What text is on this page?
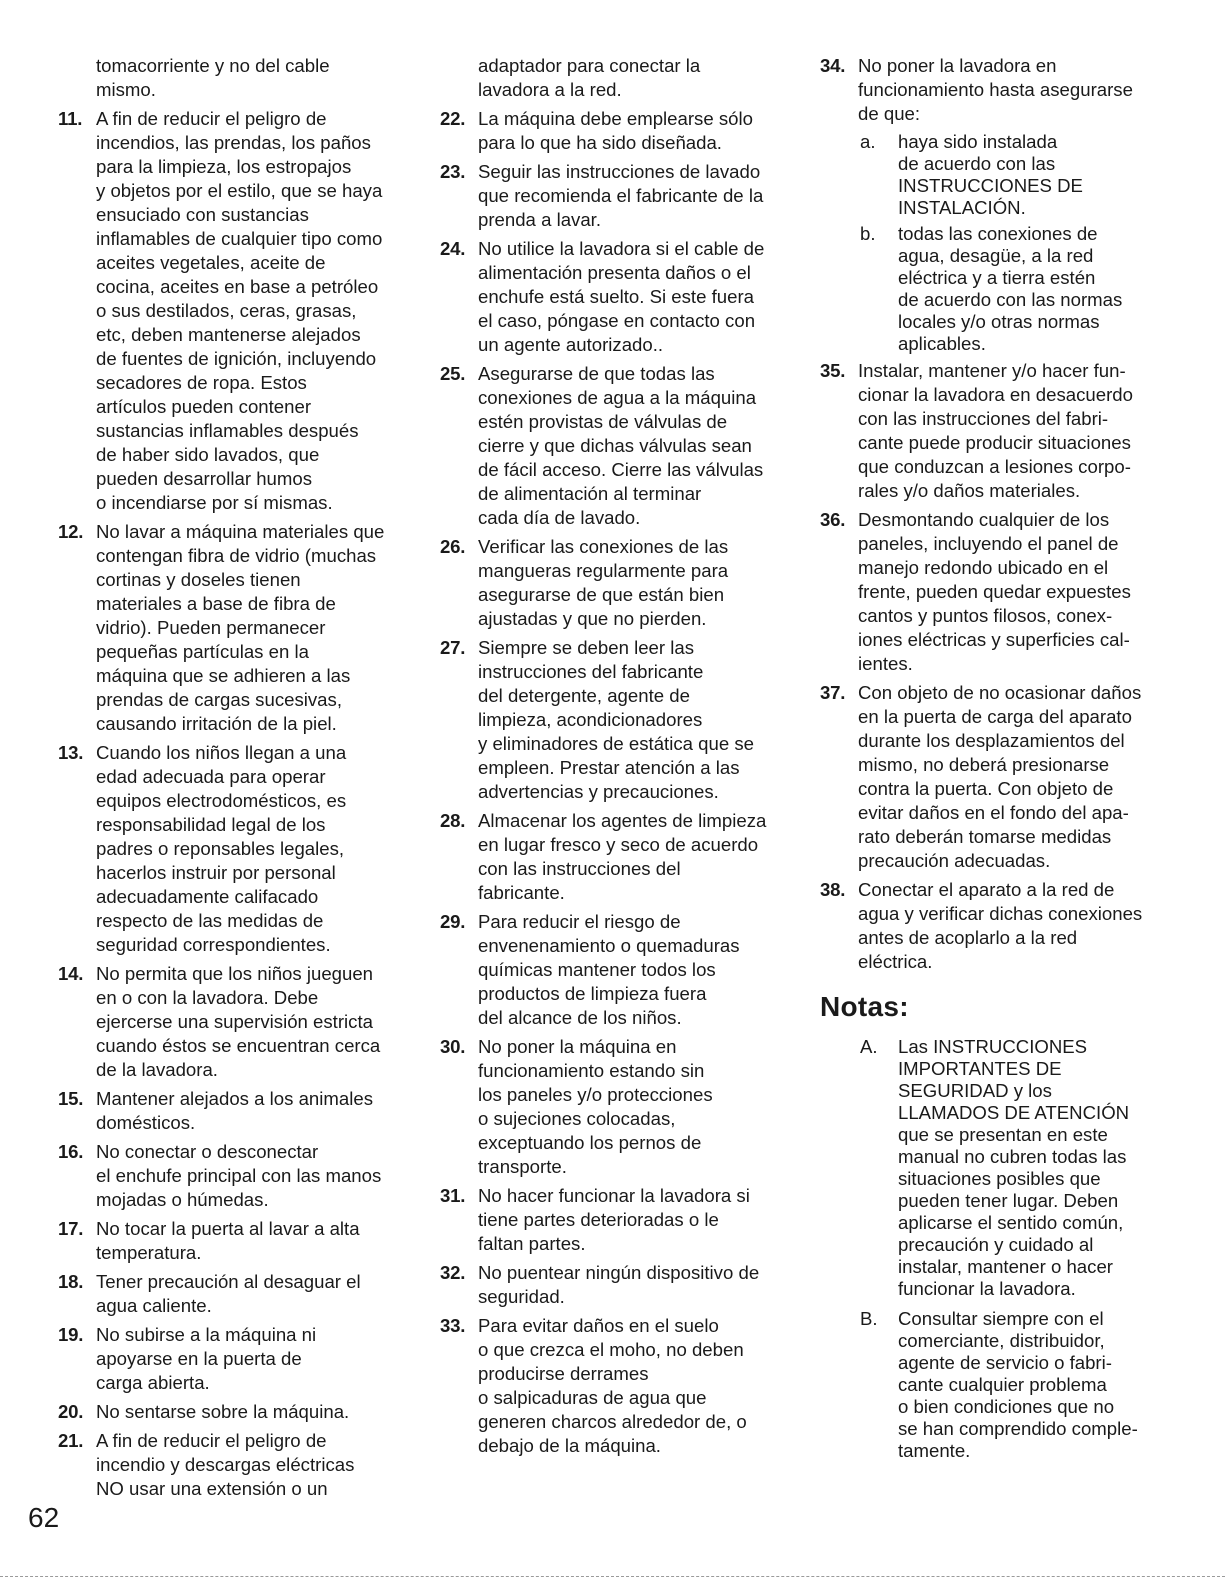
tomacorriente y no del cable
mismo.
11. A fin de reducir el peligro de
incendios, las prendas, los paños
para la limpieza, los estropajos
y objetos por el estilo, que se haya
ensuciado con sustancias
inflamables de cualquier tipo como
aceites vegetales, aceite de
cocina, aceites en base a petróleo
o sus destilados, ceras, grasas,
etc, deben mantenerse alejados
de fuentes de ignición, incluyendo
secadores de ropa. Estos
artículos pueden contener
sustancias inflamables después
de haber sido lavados, que
pueden desarrollar humos
o incendiarse por sí mismas.
12. No lavar a máquina materiales que
contengan fibra de vidrio (muchas
cortinas y doseles tienen
materiales a base de fibra de
vidrio). Pueden permanecer
pequeñas partículas en la
máquina que se adhieren a las
prendas de cargas sucesivas,
causando irritación de la piel.
13. Cuando los niños llegan a una
edad adecuada para operar
equipos electrodomésticos, es
responsabilidad legal de los
padres o reponsables legales,
hacerlos instruir por personal
adecuadamente califacado
respecto de las medidas de
seguridad correspondientes.
14. No permita que los niños jueguen
en o con la lavadora. Debe
ejercerse una supervisión estricta
cuando éstos se encuentran cerca
de la lavadora.
15. Mantener alejados a los animales
domésticos.
16. No conectar o desconectar
el enchufe principal con las manos
mojadas o húmedas.
17. No tocar la puerta al lavar a alta
temperatura.
18. Tener precaución al desaguar el
agua caliente.
19. No subirse a la máquina ni
apoyarse en la puerta de
carga abierta.
20. No sentarse sobre la máquina.
21. A fin de reducir el peligro de
incendio y descargas eléctricas
NO usar una extensión o un
adaptador para conectar la
lavadora a la red.
22. La máquina debe emplearse sólo
para lo que ha sido diseñada.
23. Seguir las instrucciones de lavado
que recomienda el fabricante de la
prenda a lavar.
24. No utilice la lavadora si el cable de
alimentación presenta daños o el
enchufe está suelto. Si este fuera
el caso, póngase en contacto con
un agente autorizado..
25. Asegurarse de que todas las
conexiones de agua a la máquina
estén provistas de válvulas de
cierre y que dichas válvulas sean
de fácil acceso. Cierre las válvulas
de alimentación al terminar
cada día de lavado.
26. Verificar las conexiones de las
mangueras regularmente para
asegurarse de que están bien
ajustadas y que no pierden.
27. Siempre se deben leer las
instrucciones del fabricante
del detergente, agente de
limpieza, acondicionadores
y eliminadores de estática que se
empleen. Prestar atención a las
advertencias y precauciones.
28. Almacenar los agentes de limpieza
en lugar fresco y seco de acuerdo
con las instrucciones del
fabricante.
29. Para reducir el riesgo de
envenenamiento o quemaduras
químicas mantener todos los
productos de limpieza fuera
del alcance de los niños.
30. No poner la máquina en
funcionamiento estando sin
los paneles y/o protecciones
o sujeciones colocadas,
exceptuando los pernos de
transporte.
31. No hacer funcionar la lavadora si
tiene partes deterioradas o le
faltan partes.
32. No puentear ningún dispositivo de
seguridad.
33. Para evitar daños en el suelo
o que crezca el moho, no deben
producirse derrames
o salpicaduras de agua que
generen charcos alrededor de, o
debajo de la máquina.
34. No poner la lavadora en
funcionamiento hasta asegurarse
de que:
a. haya sido instalada
de acuerdo con las
INSTRUCCIONES DE
INSTALACIÓN.
b. todas las conexiones de
agua, desagüe, a la red
eléctrica y a tierra estén
de acuerdo con las normas
locales y/o otras normas
aplicables.
35. Instalar, mantener y/o hacer fun-
cionar la lavadora en desacuerdo
con las instrucciones del fabri-
cante puede producir situaciones
que conduzcan a lesiones corpo-
rales y/o daños materiales.
36. Desmontando cualquier de los
paneles, incluyendo el panel de
manejo redondo ubicado en el
frente, pueden quedar expuestes
cantos y puntos filosos, conex-
iones eléctricas y superficies cal-
ientes.
37. Con objeto de no ocasionar daños
en la puerta de carga del aparato
durante los desplazamientos del
mismo, no deberá presionarse
contra la puerta. Con objeto de
evitar daños en el fondo del apa-
rato deberán tomarse medidas
precaución adecuadas.
38. Conectar el aparato a la red de
agua y verificar dichas conexiones
antes de acoplarlo a la red
eléctrica.
Notas:
A. Las INSTRUCCIONES
IMPORTANTES DE
SEGURIDAD y los
LLAMADOS DE ATENCIÓN
que se presentan en este
manual no cubren todas las
situaciones posibles que
pueden tener lugar. Deben
aplicarse el sentido común,
precaución y cuidado al
instalar, mantener o hacer
funcionar la lavadora.
B. Consultar siempre con el
comerciante, distribuidor,
agente de servicio o fabri-
cante cualquier problema
o bien condiciones que no
se han comprendido comple-
tamente.
62
